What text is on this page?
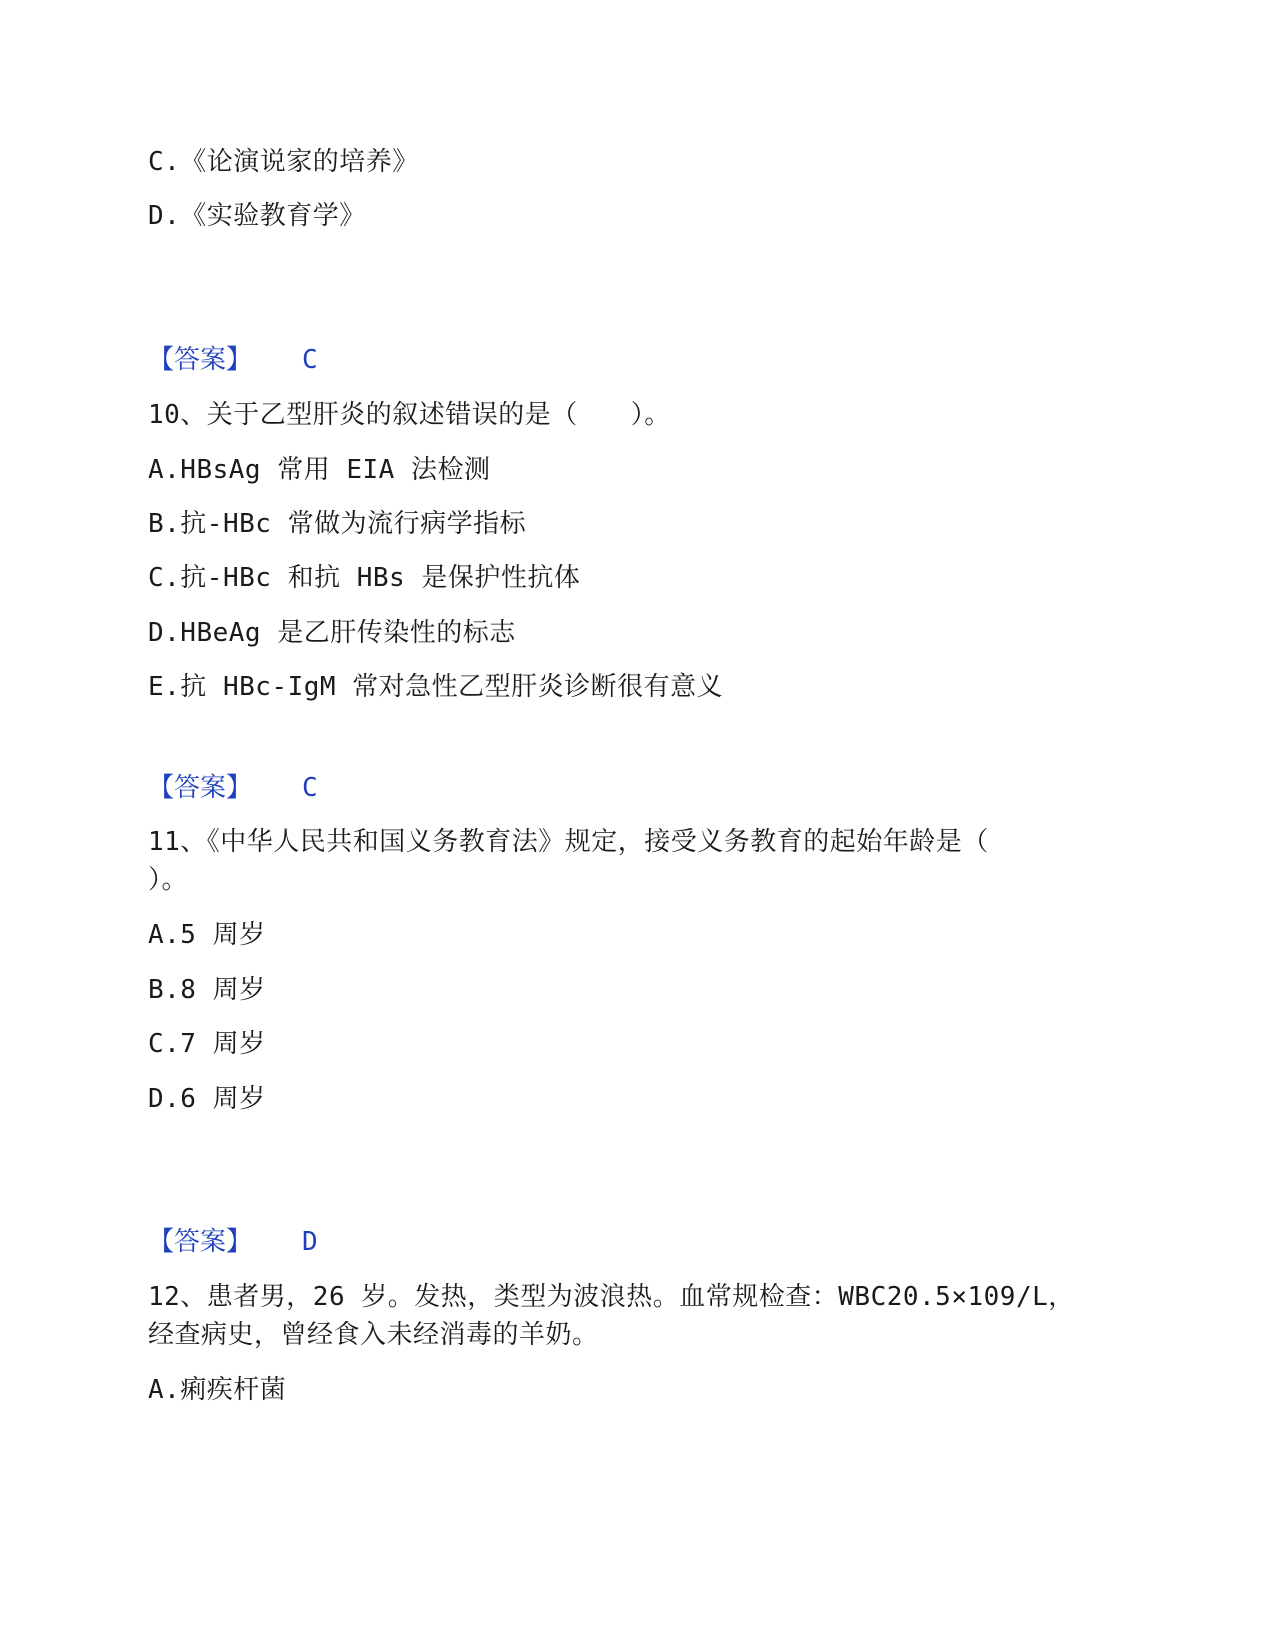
C.《论演说家的培养》
D.《实验教育学》
【答案】 C
10、关于乙型肝炎的叙述错误的是（　　）。
A.HBsAg 常用 EIA 法检测
B.抗-HBc 常做为流行病学指标
C.抗-HBc 和抗 HBs 是保护性抗体
D.HBeAg 是乙肝传染性的标志
E.抗 HBc-IgM 常对急性乙型肝炎诊断很有意义
【答案】 C
11、《中华人民共和国义务教育法》规定，接受义务教育的起始年龄是（
）。
A.5 周岁
B.8 周岁
C.7 周岁
D.6 周岁
【答案】 D
12、患者男，26 岁。发热，类型为波浪热。血常规检查：WBC20.5×109/L，
经查病史，曾经食入未经消毒的羊奶。
A.痢疾杆菌
